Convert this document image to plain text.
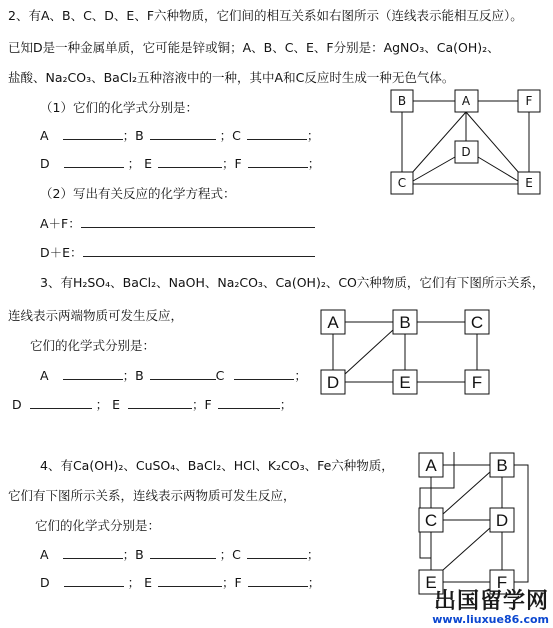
2、有A、B、C、D、E、F六种物质，它们间的相互关系如右图所示（连线表示能相互反应）。
已知D是一种金属单质，它可能是锌或铜；A、B、C、E、F分别是：AgNO₃、Ca(OH)₂、
盐酸、Na₂CO₃、BaCl₂五种溶液中的一种，其中A和C反应时生成一种无色气体。
（1）它们的化学式分别是：
A	；B	；C	；
D	； E	；F	；
（2）写出有关反应的化学方程式：
A＋F：
D＋E：
B	A	F
D
C	E
3、有H₂SO₄、BaCl₂、NaOH、Na₂CO₃、Ca(OH)₂、CO六种物质，它们有下图所示关系，
连线表示两端物质可发生反应，
它们的化学式分别是：
A	；B	C	；
D	； E	；F	；
A	B	C
D	E	F
4、有Ca(OH)₂、CuSO₄、BaCl₂、HCl、K₂CO₃、Fe六种物质，
它们有下图所示关系，连线表示两物质可发生反应，
它们的化学式分别是：
A	；B	；C	；
D	； E	；F	；
A	B
C	D
E	F
出国留学网
www.liuxue86.com
